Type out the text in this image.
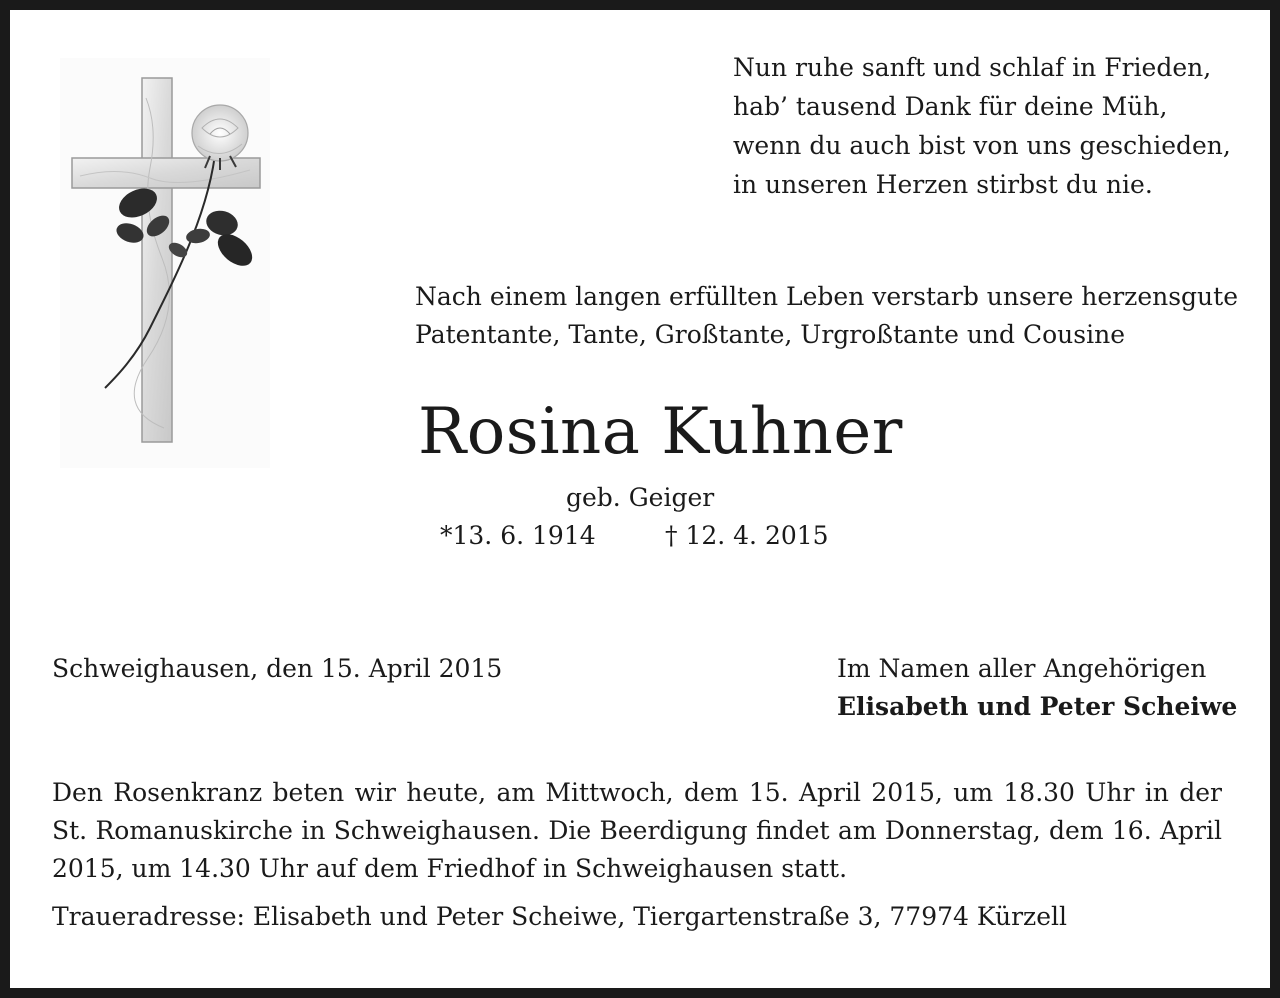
Nun ruhe sanft und schlaf in Frieden,
hab’ tausend Dank für deine Müh,
wenn du auch bist von uns geschieden,
in unseren Herzen stirbst du nie.
Nach einem langen erfüllten Leben verstarb unsere herzensgute
Patentante, Tante, Großtante, Urgroßtante und Cousine
Rosina Kuhner
geb. Geiger
*13. 6. 1914	† 12. 4. 2015
Schweighausen, den 15. April 2015	Im Namen aller Angehörigen
Elisabeth und Peter Scheiwe
Den Rosenkranz beten wir heute, am Mittwoch, dem 15. April 2015, um 18.30 Uhr in der St. Romanuskirche in Schweighausen. Die Beerdigung findet am Donnerstag, dem 16. April 2015, um 14.30 Uhr auf dem Friedhof in Schweighausen statt.
Traueradresse: Elisabeth und Peter Scheiwe, Tiergartenstraße 3, 77974 Kürzell
